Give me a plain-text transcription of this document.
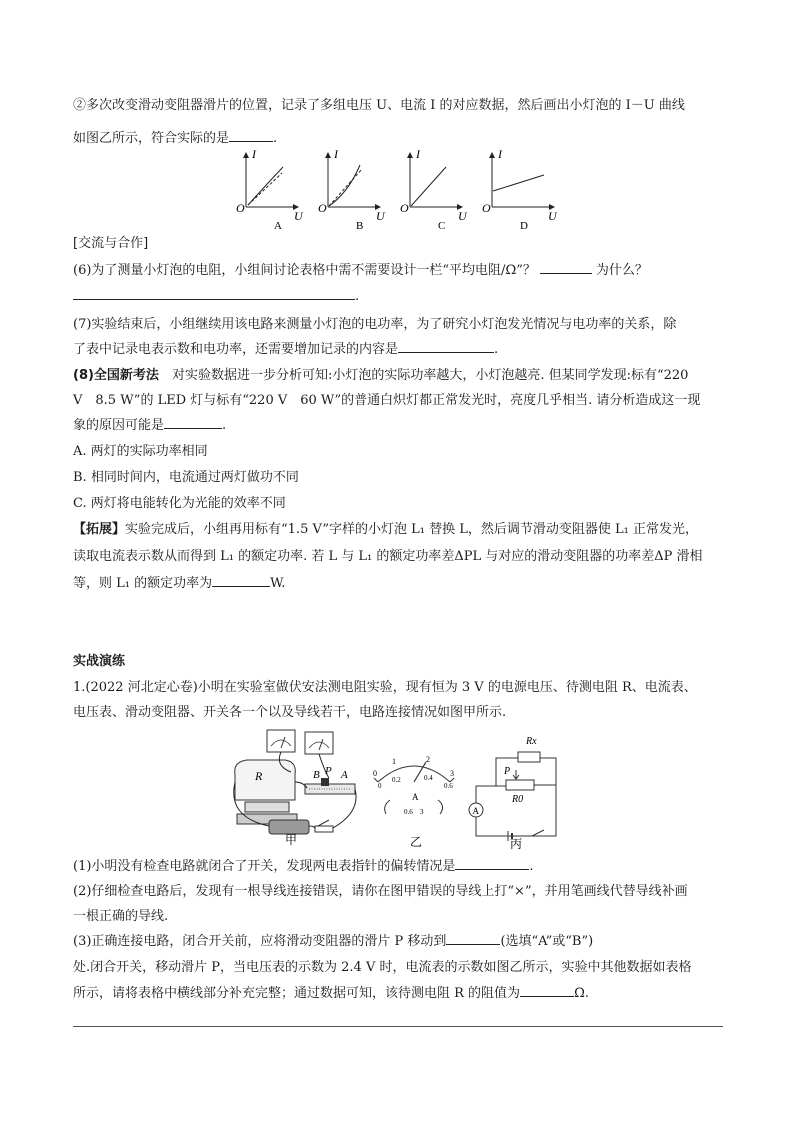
②多次改变滑动变阻器滑片的位置，记录了多组电压 U、电流 I 的对应数据，然后画出小灯泡的 I－U 曲线
如图乙所示，符合实际的是	.
I
O
U
A
I
O
U
B
I
O
U
C
I
O
U
D
[交流与合作]
(6)为了测量小灯泡的电阻，小组间讨论表格中需不需要设计一栏“平均电阻/Ω”？	为什么？
.
(7)实验结束后，小组继续用该电路来测量小灯泡的电功率，为了研究小灯泡发光情况与电功率的关系，除
了表中记录电表示数和电功率，还需要增加记录的内容是	.
(8)全国新考法　 对实验数据进一步分析可知:小灯泡的实际功率越大，小灯泡越亮. 但某同学发现:标有“220
V　8.5 W”的 LED 灯与标有“220 V　60 W”的普通白炽灯都正常发光时，亮度几乎相当. 请分析造成这一现
象的原因可能是	.
A. 两灯的实际功率相同
B. 相同时间内，电流通过两灯做功不同
C. 两灯将电能转化为光能的效率不同
【拓展】实验完成后，小组再用标有“1.5 V”字样的小灯泡 L₁ 替换 L，然后调节滑动变阻器使 L₁ 正常发光，
读取电流表示数从而得到 L₁ 的额定功率. 若 L 与 L₁ 的额定功率差ΔPL 与对应的滑动变阻器的功率差ΔP 滑相
等，则 L₁ 的额定功率为	W.
实战演练
1.(2022 河北定心卷)小明在实验室做伏安法测电阻实验，现有恒为 3 V 的电源电压、待测电阻 R、电流表、
电压表、滑动变阻器、开关各一个以及导线若干，电路连接情况如图甲所示.
R	B P A
甲
0
1	2
3
0
0.2	0.4
0.6
A
0.6 3
乙
A
Rx
P
R0
丙
(1)小明没有检查电路就闭合了开关，发现两电表指针的偏转情况是	.
(2)仔细检查电路后，发现有一根导线连接错误，请你在图甲错误的导线上打“×”，并用笔画线代替导线补画
一根正确的导线.
(3)正确连接电路，闭合开关前，应将滑动变阻器的滑片 P 移动到	(选填“A”或“B”)
处.闭合开关，移动滑片 P，当电压表的示数为 2.4 V 时，电流表的示数如图乙所示，实验中其他数据如表格
所示，请将表格中横线部分补充完整；通过数据可知，该待测电阻 R 的阻值为	Ω.
